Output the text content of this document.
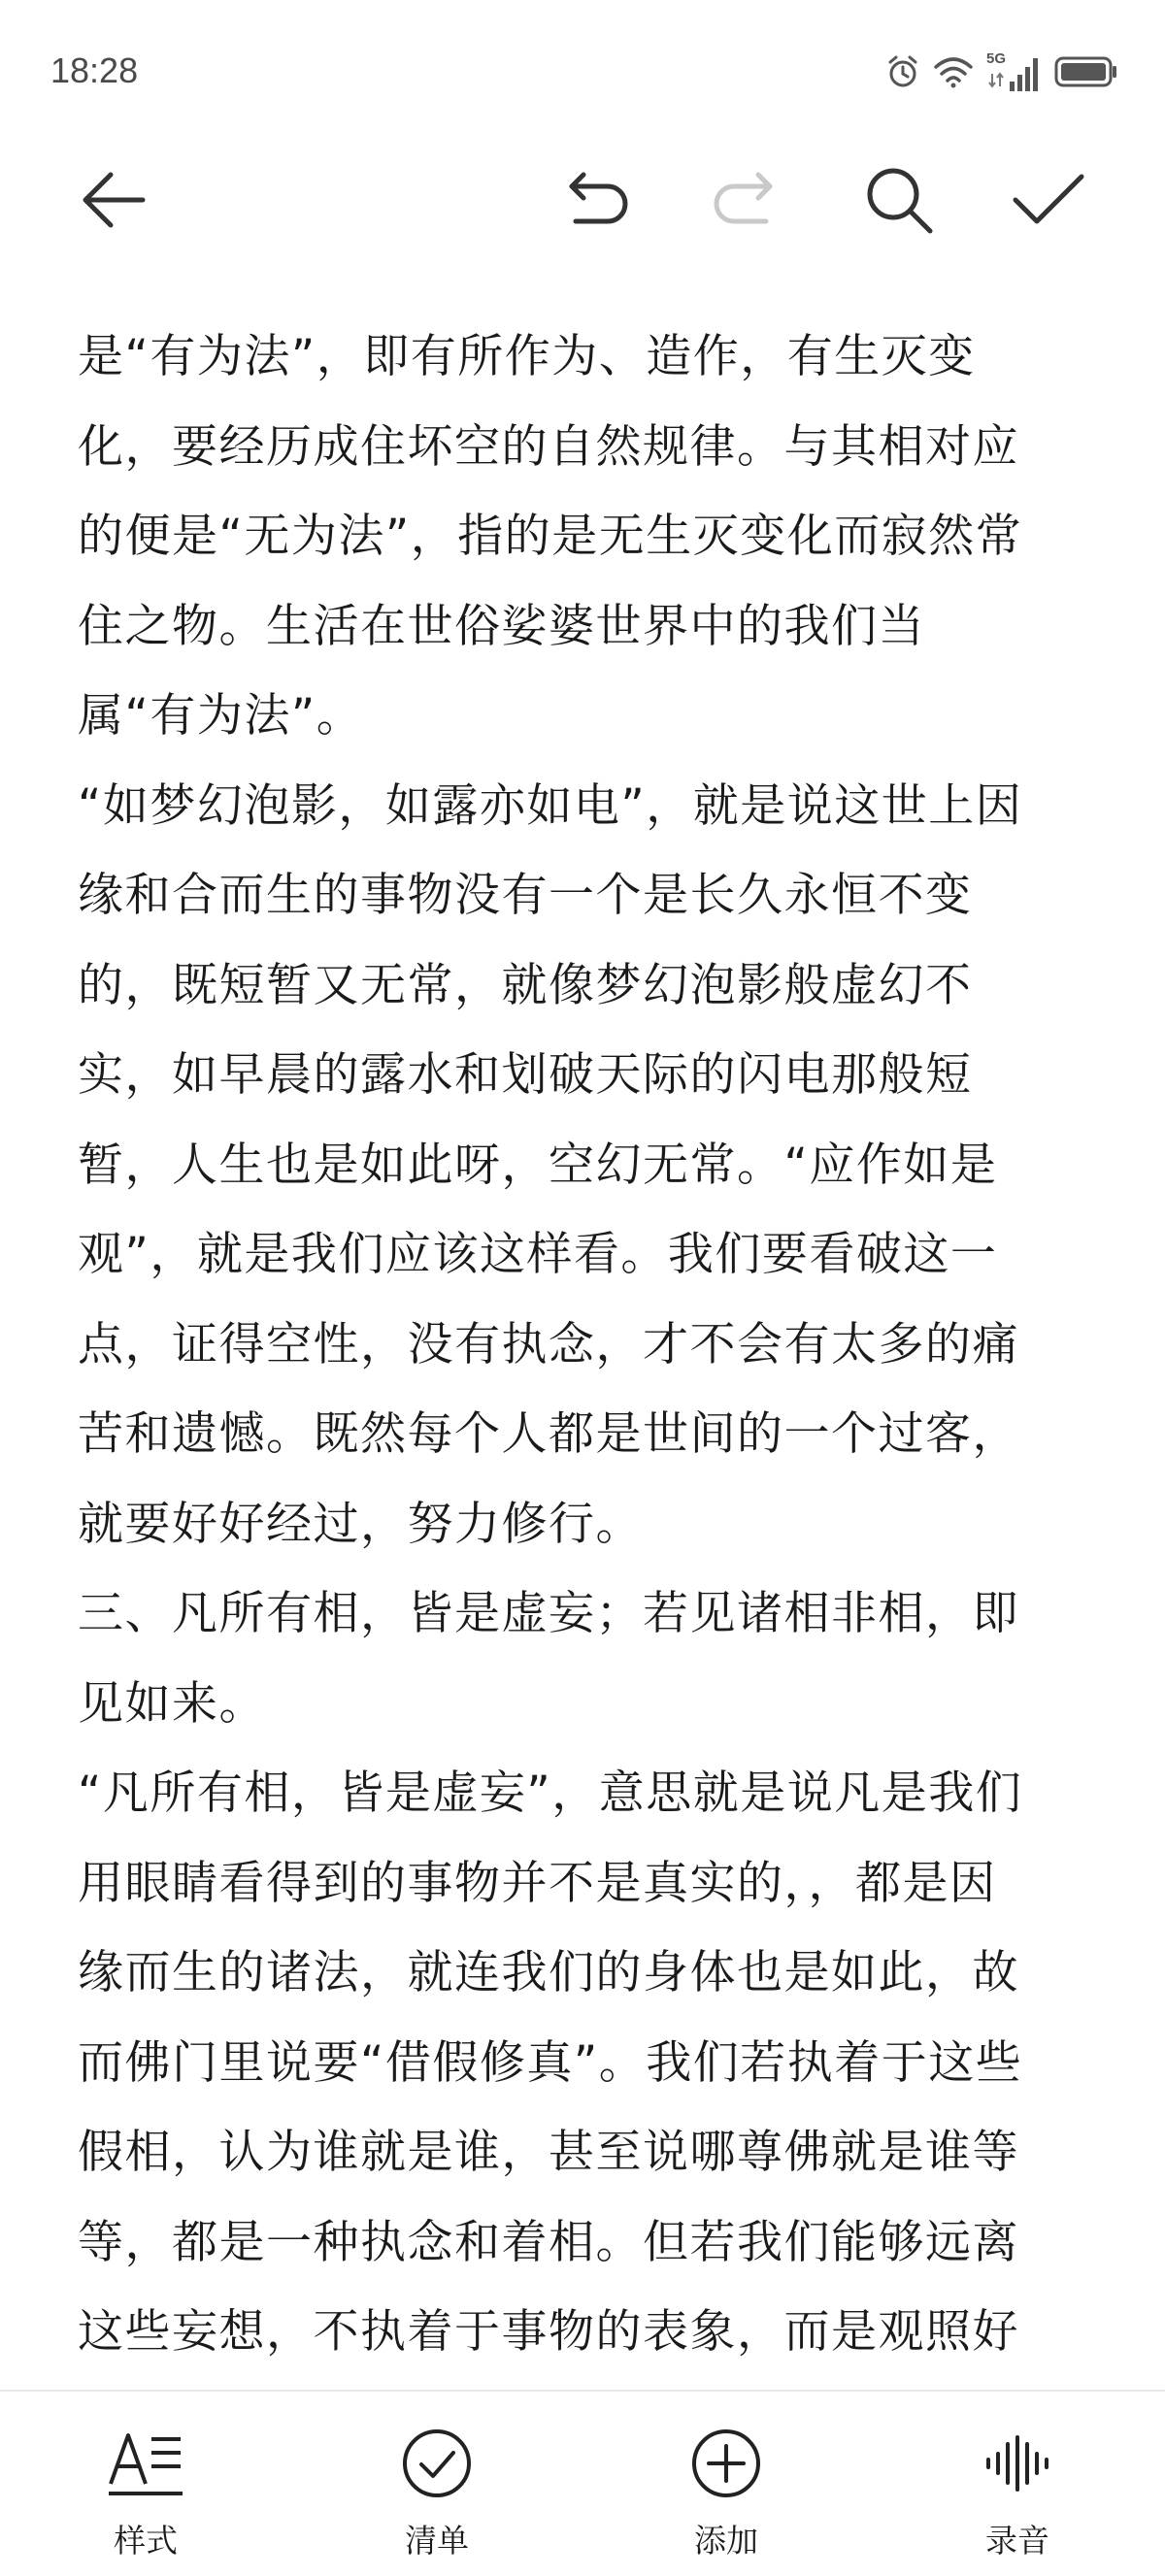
18:28	5G

是“有为法”，即有所作为、造作，有生灭变

化，要经历成住坏空的自然规律。与其相对应

的便是“无为法”，指的是无生灭变化而寂然常

住之物。生活在世俗娑婆世界中的我们当

属“有为法”。

“如梦幻泡影，如露亦如电”，就是说这世上因

缘和合而生的事物没有一个是长久永恒不变

的，既短暂又无常，就像梦幻泡影般虚幻不

实，如早晨的露水和划破天际的闪电那般短

暂，人生也是如此呀，空幻无常。“应作如是

观”，就是我们应该这样看。我们要看破这一

点，证得空性，没有执念，才不会有太多的痛

苦和遗憾。既然每个人都是世间的一个过客，

就要好好经过，努力修行。

三、凡所有相，皆是虚妄；若见诸相非相，即

见如来。

“凡所有相，皆是虚妄”，意思就是说凡是我们

用眼睛看得到的事物并不是真实的，，都是因

缘而生的诸法，就连我们的身体也是如此，故

而佛门里说要“借假修真”。我们若执着于这些

假相，认为谁就是谁，甚至说哪尊佛就是谁等

等，都是一种执念和着相。但若我们能够远离

这些妄想，不执着于事物的表象，而是观照好

样式	清单	添加	录音
